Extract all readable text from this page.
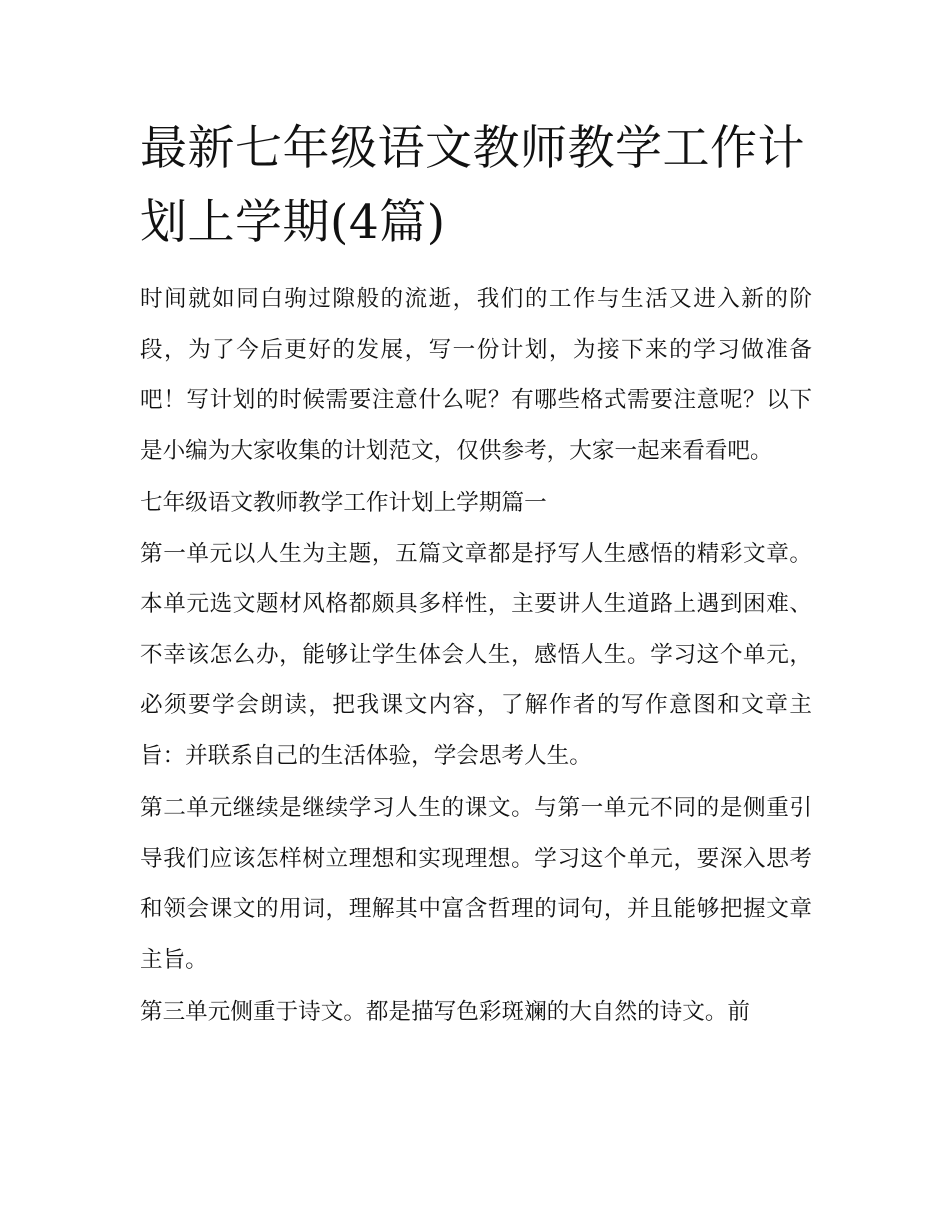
最新七年级语文教师教学工作计划上学期(4篇)

时间就如同白驹过隙般的流逝，我们的工作与生活又进入新的阶段，为了今后更好的发展，写一份计划，为接下来的学习做准备吧！写计划的时候需要注意什么呢？有哪些格式需要注意呢？以下是小编为大家收集的计划范文，仅供参考，大家一起来看看吧。

七年级语文教师教学工作计划上学期篇一

第一单元以人生为主题，五篇文章都是抒写人生感悟的精彩文章。本单元选文题材风格都颇具多样性，主要讲人生道路上遇到困难、不幸该怎么办，能够让学生体会人生，感悟人生。学习这个单元，必须要学会朗读，把我课文内容，了解作者的写作意图和文章主旨：并联系自己的生活体验，学会思考人生。

第二单元继续是继续学习人生的课文。与第一单元不同的是侧重引导我们应该怎样树立理想和实现理想。学习这个单元，要深入思考和领会课文的用词，理解其中富含哲理的词句，并且能够把握文章主旨。

第三单元侧重于诗文。都是描写色彩斑斓的大自然的诗文。前
